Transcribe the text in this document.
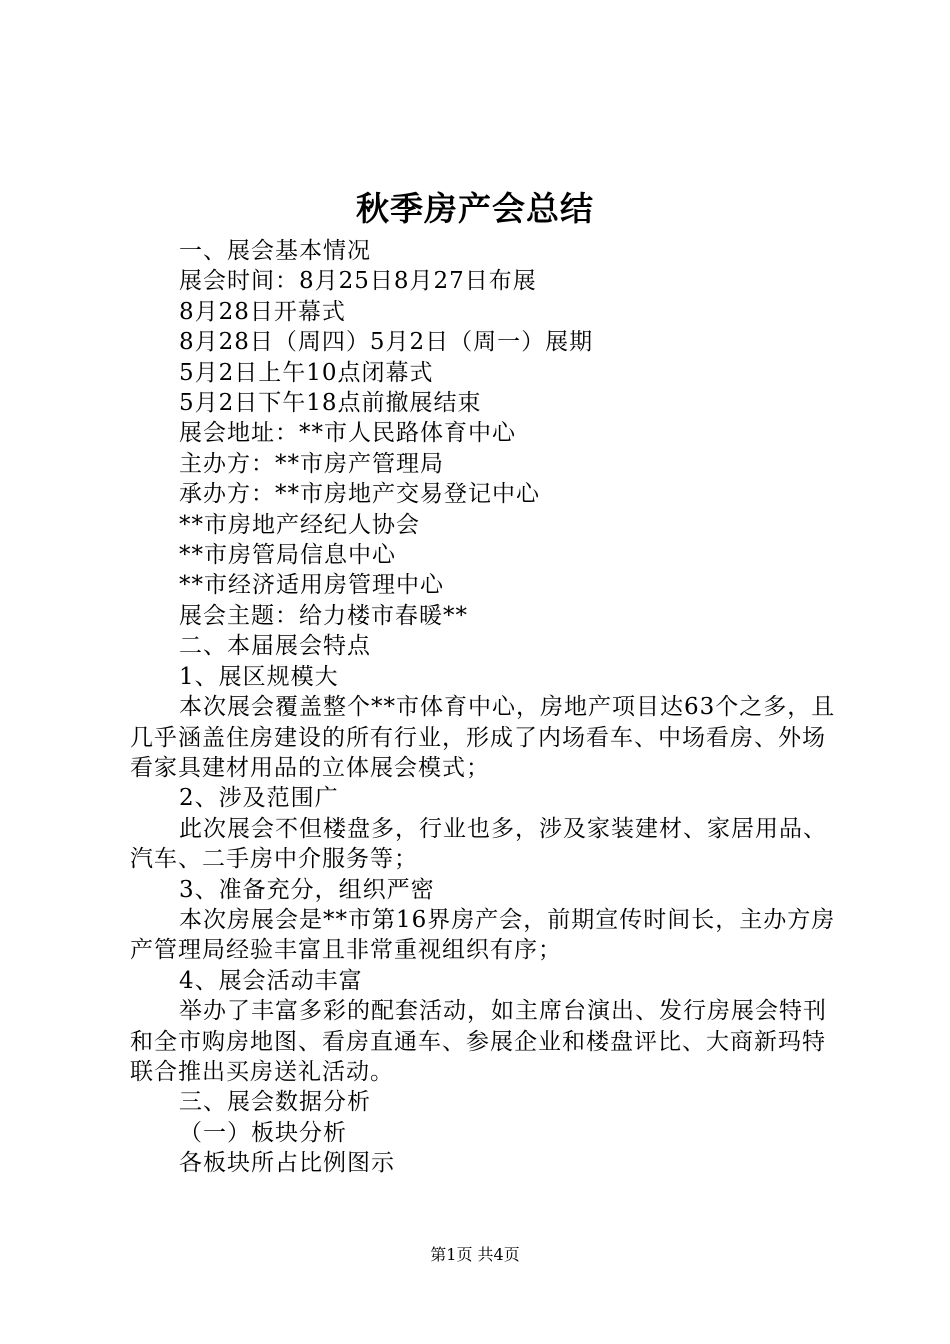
秋季房产会总结

一、展会基本情况

展会时间：8月25日8月27日布展

8月28日开幕式

8月28日（周四）5月2日（周一）展期

5月2日上午10点闭幕式

5月2日下午18点前撤展结束

展会地址：**市人民路体育中心

主办方：**市房产管理局

承办方：**市房地产交易登记中心

**市房地产经纪人协会

**市房管局信息中心

**市经济适用房管理中心

展会主题：给力楼市春暖**

二、本届展会特点

1、展区规模大

本次展会覆盖整个**市体育中心，房地产项目达63个之多，且几乎涵盖住房建设的所有行业，形成了内场看车、中场看房、外场看家具建材用品的立体展会模式；

2、涉及范围广

此次展会不但楼盘多，行业也多，涉及家装建材、家居用品、汽车、二手房中介服务等；

3、准备充分，组织严密

本次房展会是**市第16界房产会，前期宣传时间长，主办方房产管理局经验丰富且非常重视组织有序；

4、展会活动丰富

举办了丰富多彩的配套活动，如主席台演出、发行房展会特刊和全市购房地图、看房直通车、参展企业和楼盘评比、大商新玛特联合推出买房送礼活动。

三、展会数据分析

（一）板块分析

各板块所占比例图示

第1页 共4页
